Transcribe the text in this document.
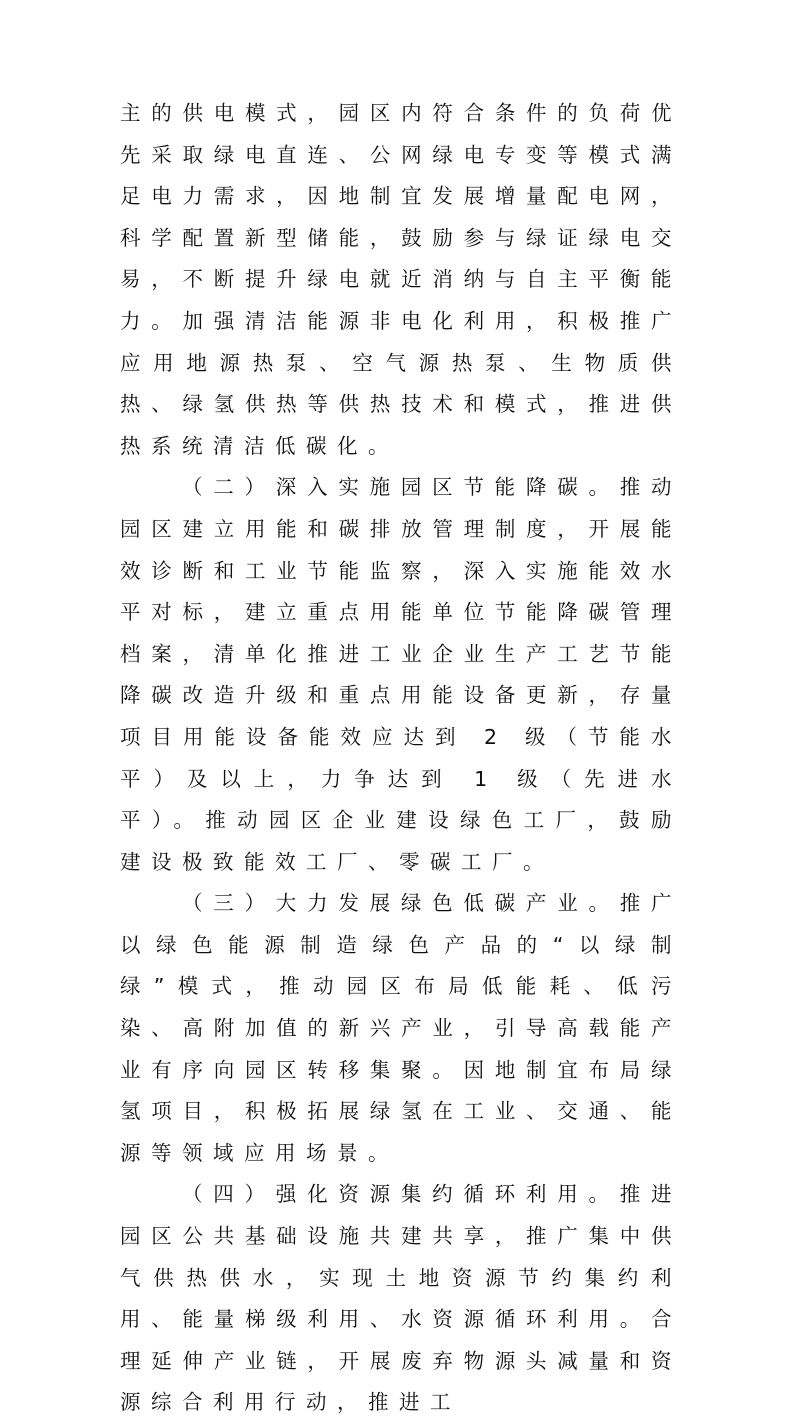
主的供电模式，园区内符合条件的负荷优先采取绿电直连、公网绿电专变等模式满足电力需求，因地制宜发展增量配电网，科学配置新型储能，鼓励参与绿证绿电交易，不断提升绿电就近消纳与自主平衡能力。加强清洁能源非电化利用，积极推广应用地源热泵、空气源热泵、生物质供热、绿氢供热等供热技术和模式，推进供热系统清洁低碳化。

（二）深入实施园区节能降碳。推动园区建立用能和碳排放管理制度，开展能效诊断和工业节能监察，深入实施能效水平对标，建立重点用能单位节能降碳管理档案，清单化推进工业企业生产工艺节能降碳改造升级和重点用能设备更新，存量项目用能设备能效应达到 2 级（节能水平）及以上，力争达到 1 级（先进水平）。推动园区企业建设绿色工厂，鼓励建设极致能效工厂、零碳工厂。

（三）大力发展绿色低碳产业。推广以绿色能源制造绿色产品的“以绿制绿”模式，推动园区布局低能耗、低污染、高附加值的新兴产业，引导高载能产业有序向园区转移集聚。因地制宜布局绿氢项目，积极拓展绿氢在工业、交通、能源等领域应用场景。

（四）强化资源集约循环利用。推进园区公共基础设施共建共享，推广集中供气供热供水，实现土地资源节约集约利用、能量梯级利用、水资源循环利用。合理延伸产业链，开展废弃物源头减量和资源综合利用行动，推进工
